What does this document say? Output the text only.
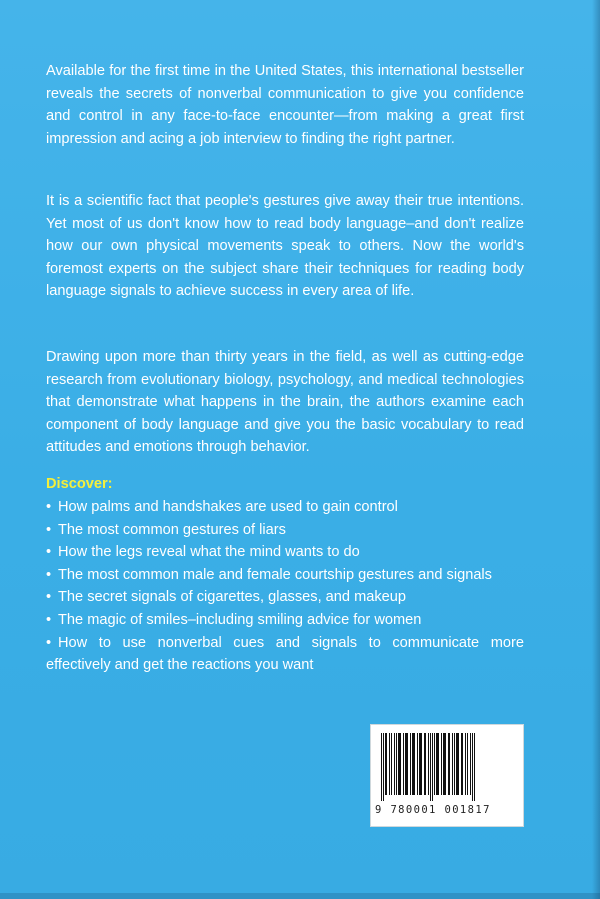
Available for the first time in the United States, this international bestseller reveals the secrets of nonverbal communication to give you confidence and control in any face-to-face encounter—from making a great first impression and acing a job interview to finding the right partner.

It is a scientific fact that people's gestures give away their true intentions. Yet most of us don't know how to read body language–and don't realize how our own physical movements speak to others. Now the world's foremost experts on the subject share their techniques for reading body language signals to achieve success in every area of life.

Drawing upon more than thirty years in the field, as well as cutting-edge research from evolutionary biology, psychology, and medical technologies that demonstrate what happens in the brain, the authors examine each component of body language and give you the basic vocabulary to read attitudes and emotions through behavior.

Discover:

• How palms and handshakes are used to gain control
• The most common gestures of liars
• How the legs reveal what the mind wants to do
• The most common male and female courtship gestures and signals
• The secret signals of cigarettes, glasses, and makeup
• The magic of smiles–including smiling advice for women
• How to use nonverbal cues and signals to communicate more effectively and get the reactions you want
9 780001 001817
